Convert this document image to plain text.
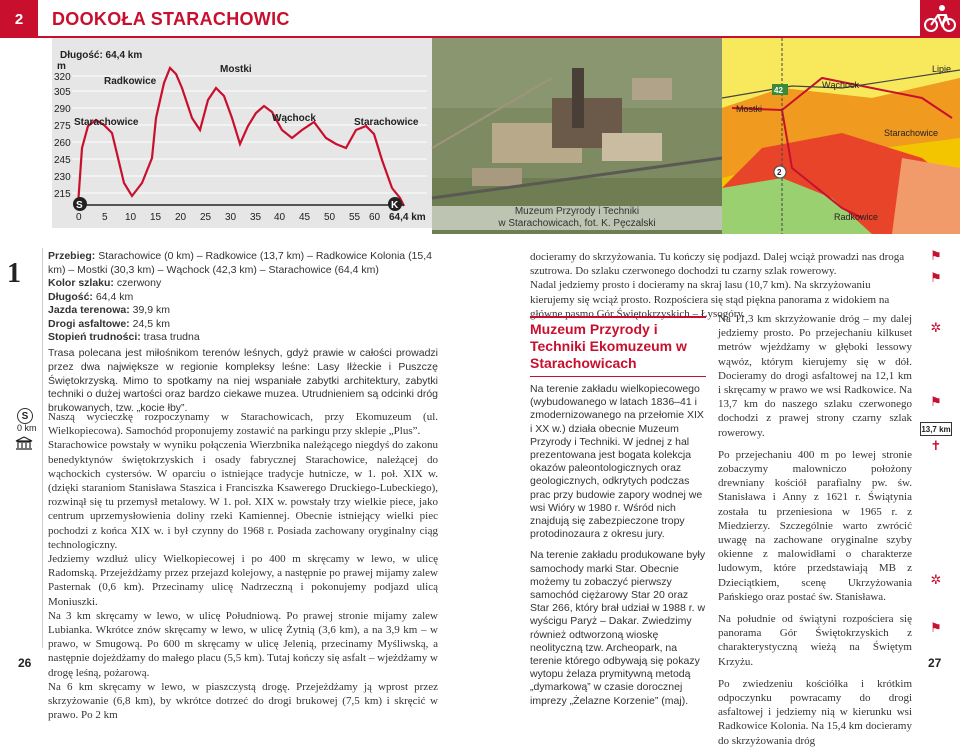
2	DOOKOŁA STARACHOWIC
Długość: 64,4 km
m
320
305
290
275
260
245
230
215
S	K
0 5 10 15 20 25 30 35 40 45 50 55 60 64,4 km
Radkowice
Mostki
Starachowice	Wąchock	Starachowice
Muzeum Przyrody i Techniki
w Starachowicach, fot. K. Pęczalski
42
2
Wąchock
Mostki
Starachowice
Radkowice
Lipie
1
S
0 km
Przebieg: Starachowice (0 km) – Radkowice (13,7 km) – Radkowice Kolonia (15,4 km) – Mostki (30,3 km) – Wąchock (42,3 km) – Starachowice (64,4 km)
Kolor szlaku: czerwony
Długość: 64,4 km
Jazda terenowa: 39,9 km
Drogi asfaltowe: 24,5 km
Stopień trudności: trasa trudna
Trasa polecana jest miłośnikom terenów leśnych, gdyż prawie w całości prowadzi przez dwa największe w regionie kompleksy leśne: Lasy Iłżeckie i Puszczę Świętokrzyską. Mimo to spotkamy na niej wspaniałe zabytki architektury, zabytki techniki o dużej wartości oraz bardzo ciekawe muzea. Utrudnieniem są odcinki dróg brukowanych, tzw. „kocie łby”.

Naszą wycieczkę rozpoczynamy w Starachowicach, przy Ekomuzeum (ul. Wielkopiecowa). Samochód proponujemy zostawić na parkingu przy sklepie „Plus”.

Starachowice powstały w wyniku połączenia Wierzbnika należącego niegdyś do zakonu benedyktynów świętokrzyskich i osady fabrycznej Starachowice, należącej do wąchockich cystersów. W oparciu o istniejące tradycje hutnicze, w 1. poł. XIX w. (dzięki staraniom Stanisława Staszica i Franciszka Ksawerego Druckiego-Lubeckiego), rozwinął się tu przemysł metalowy. W 1. poł. XIX w. powstały trzy wielkie piece, jako centrum uprzemysłowienia doliny rzeki Kamiennej. Obecnie istniejący wielki piec pochodzi z końca XIX w. i był czynny do 1968 r. Posiada zachowany oryginalny ciąg technologiczny.

Jedziemy wzdłuż ulicy Wielkopiecowej i po 400 m skręcamy w lewo, w ulicę Radomską. Przejeżdżamy przez przejazd kolejowy, a następnie po prawej mijamy zalew Pasternak (0,6 km). Przecinamy ulicę Nadrzeczną i pokonujemy podjazd ulicą Moniuszki.

Na 3 km skręcamy w lewo, w ulicę Południową. Po prawej stronie mijamy zalew Lubianka. Wkrótce znów skręcamy w lewo, w ulicę Żytnią (3,6 km), a na 3,9 km – w prawo, w Smugową. Po 600 m skręcamy w ulicę Jelenią, przecinamy Myśliwską, a następnie dojeżdżamy do małego placu (5,5 km). Tutaj kończy się asfalt – wjeżdżamy w drogę leśną, pożarową.

Na 6 km skręcamy w lewo, w piaszczystą drogę. Przejeżdżamy ją wprost przez skrzyżowanie (6,8 km), by wkrótce dotrzeć do drogi brukowej (7,5 km) i skręcić w prawo. Po 2 km

26

docieramy do skrzyżowania. Tu kończy się podjazd. Dalej wciąż prowadzi nas droga szutrowa. Do szlaku czerwonego dochodzi tu czarny szlak rowerowy.

Nadal jedziemy prosto i docieramy na skraj lasu (10,7 km). Na skrzyżowaniu kierujemy się wciąż prosto. Rozpościera się stąd piękna panorama z widokiem na główne pasmo Gór Świętokrzyskich – Łysogóry.

Muzeum Przyrody i Techniki Ekomuzeum w Starachowicach

Na terenie zakładu wielkopiecowego (wybudowanego w latach 1836–41 i zmodernizowanego na przełomie XIX i XX w.) działa obecnie Muzeum Przyrody i Techniki. W jednej z hal prezentowana jest bogata kolekcja okazów paleontologicznych oraz geologicznych, odkrytych podczas prac przy budowie zapory wodnej we wsi Wióry w 1980 r. Wśród nich znajdują się zabezpieczone tropy protodinozaura z okresu jury.

Na terenie zakładu produkowane były samochody marki Star. Obecnie możemy tu zobaczyć pierwszy samochód ciężarowy Star 20 oraz Star 266, który brał udział w 1988 r. w wyścigu Paryż – Dakar. Zwiedzimy również odtworzoną wioskę neolityczną tzw. Archeopark, na terenie którego odbywają się pokazy wytopu żelaza prymitywną metodą „dymarkową” w czasie dorocznej imprezy „Żelazne Korzenie” (maj).

Na 11,3 km skrzyżowanie dróg – my dalej jedziemy prosto. Po przejechaniu kilkuset metrów wjeżdżamy w głęboki lessowy wąwóz, którym kierujemy się w dół. Docieramy do drogi asfaltowej na 12,1 km i skręcamy w prawo we wsi Radkowice. Na 13,7 km do naszego szlaku czerwonego dochodzi z prawej strony czarny szlak rowerowy.

Po przejechaniu 400 m po lewej stronie zobaczymy malowniczo położony drewniany kościół parafialny pw. św. Stanisława i Anny z 1621 r. Świątynia została tu przeniesiona w 1965 r. z Miedzierzy. Szczególnie warto zwrócić uwagę na zachowane oryginalne szyby okienne z malowidłami o charakterze ludowym, które przedstawiają MB z Dzieciątkiem, scenę Ukrzyżowania Pańskiego oraz postać św. Stanisława.

Na południe od świątyni rozpościera się panorama Gór Świętokrzyskich z charakterystyczną wieżą na Świętym Krzyżu.

Po zwiedzeniu kościółka i krótkim odpoczynku powracamy do drogi asfaltowej i jedziemy nią w kierunku wsi Radkowice Kolonia. Na 15,4 km docieramy do skrzyżowania dróg

⚑
⚑
✲
⚑
13,7 km
✝
✲
⚑
27
